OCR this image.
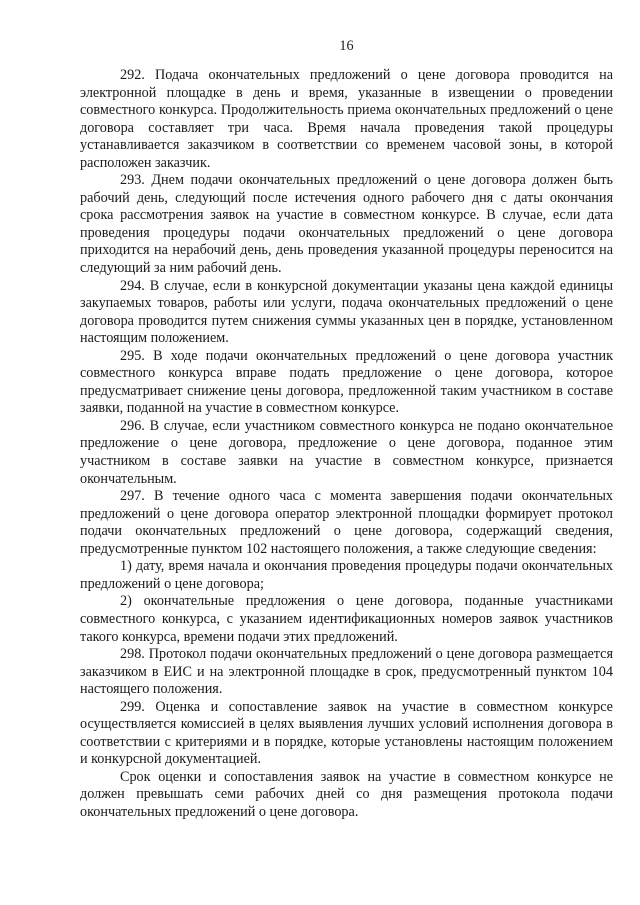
16

292. Подача окончательных предложений о цене договора проводится на электронной площадке в день и время, указанные в извещении о проведении совместного конкурса. Продолжительность приема окончательных предложений о цене договора составляет три часа. Время начала проведения такой процедуры устанавливается заказчиком в соответствии со временем часовой зоны, в которой расположен заказчик.

293. Днем подачи окончательных предложений о цене договора должен быть рабочий день, следующий после истечения одного рабочего дня с даты окончания срока рассмотрения заявок на участие в совместном конкурсе. В случае, если дата проведения процедуры подачи окончательных предложений о цене договора приходится на нерабочий день, день проведения указанной процедуры переносится на следующий за ним рабочий день.

294. В случае, если в конкурсной документации указаны цена каждой единицы закупаемых товаров, работы или услуги, подача окончательных предложений о цене договора проводится путем снижения суммы указанных цен в порядке, установленном настоящим положением.

295. В ходе подачи окончательных предложений о цене договора участник совместного конкурса вправе подать предложение о цене договора, которое предусматривает снижение цены договора, предложенной таким участником в составе заявки, поданной на участие в совместном конкурсе.

296. В случае, если участником совместного конкурса не подано окончательное предложение о цене договора, предложение о цене договора, поданное этим участником в составе заявки на участие в совместном конкурсе, признается окончательным.

297. В течение одного часа с момента завершения подачи окончательных предложений о цене договора оператор электронной площадки формирует протокол подачи окончательных предложений о цене договора, содержащий сведения, предусмотренные пунктом 102 настоящего положения, а также следующие сведения:

1) дату, время начала и окончания проведения процедуры подачи окончательных предложений о цене договора;

2) окончательные предложения о цене договора, поданные участниками совместного конкурса, с указанием идентификационных номеров заявок участников такого конкурса, времени подачи этих предложений.

298. Протокол подачи окончательных предложений о цене договора размещается заказчиком в ЕИС и на электронной площадке в срок, предусмотренный пунктом 104 настоящего положения.

299. Оценка и сопоставление заявок на участие в совместном конкурсе осуществляется комиссией в целях выявления лучших условий исполнения договора в соответствии с критериями и в порядке, которые установлены настоящим положением и конкурсной документацией.

Срок оценки и сопоставления заявок на участие в совместном конкурсе не должен превышать семи рабочих дней со дня размещения протокола подачи окончательных предложений о цене договора.
